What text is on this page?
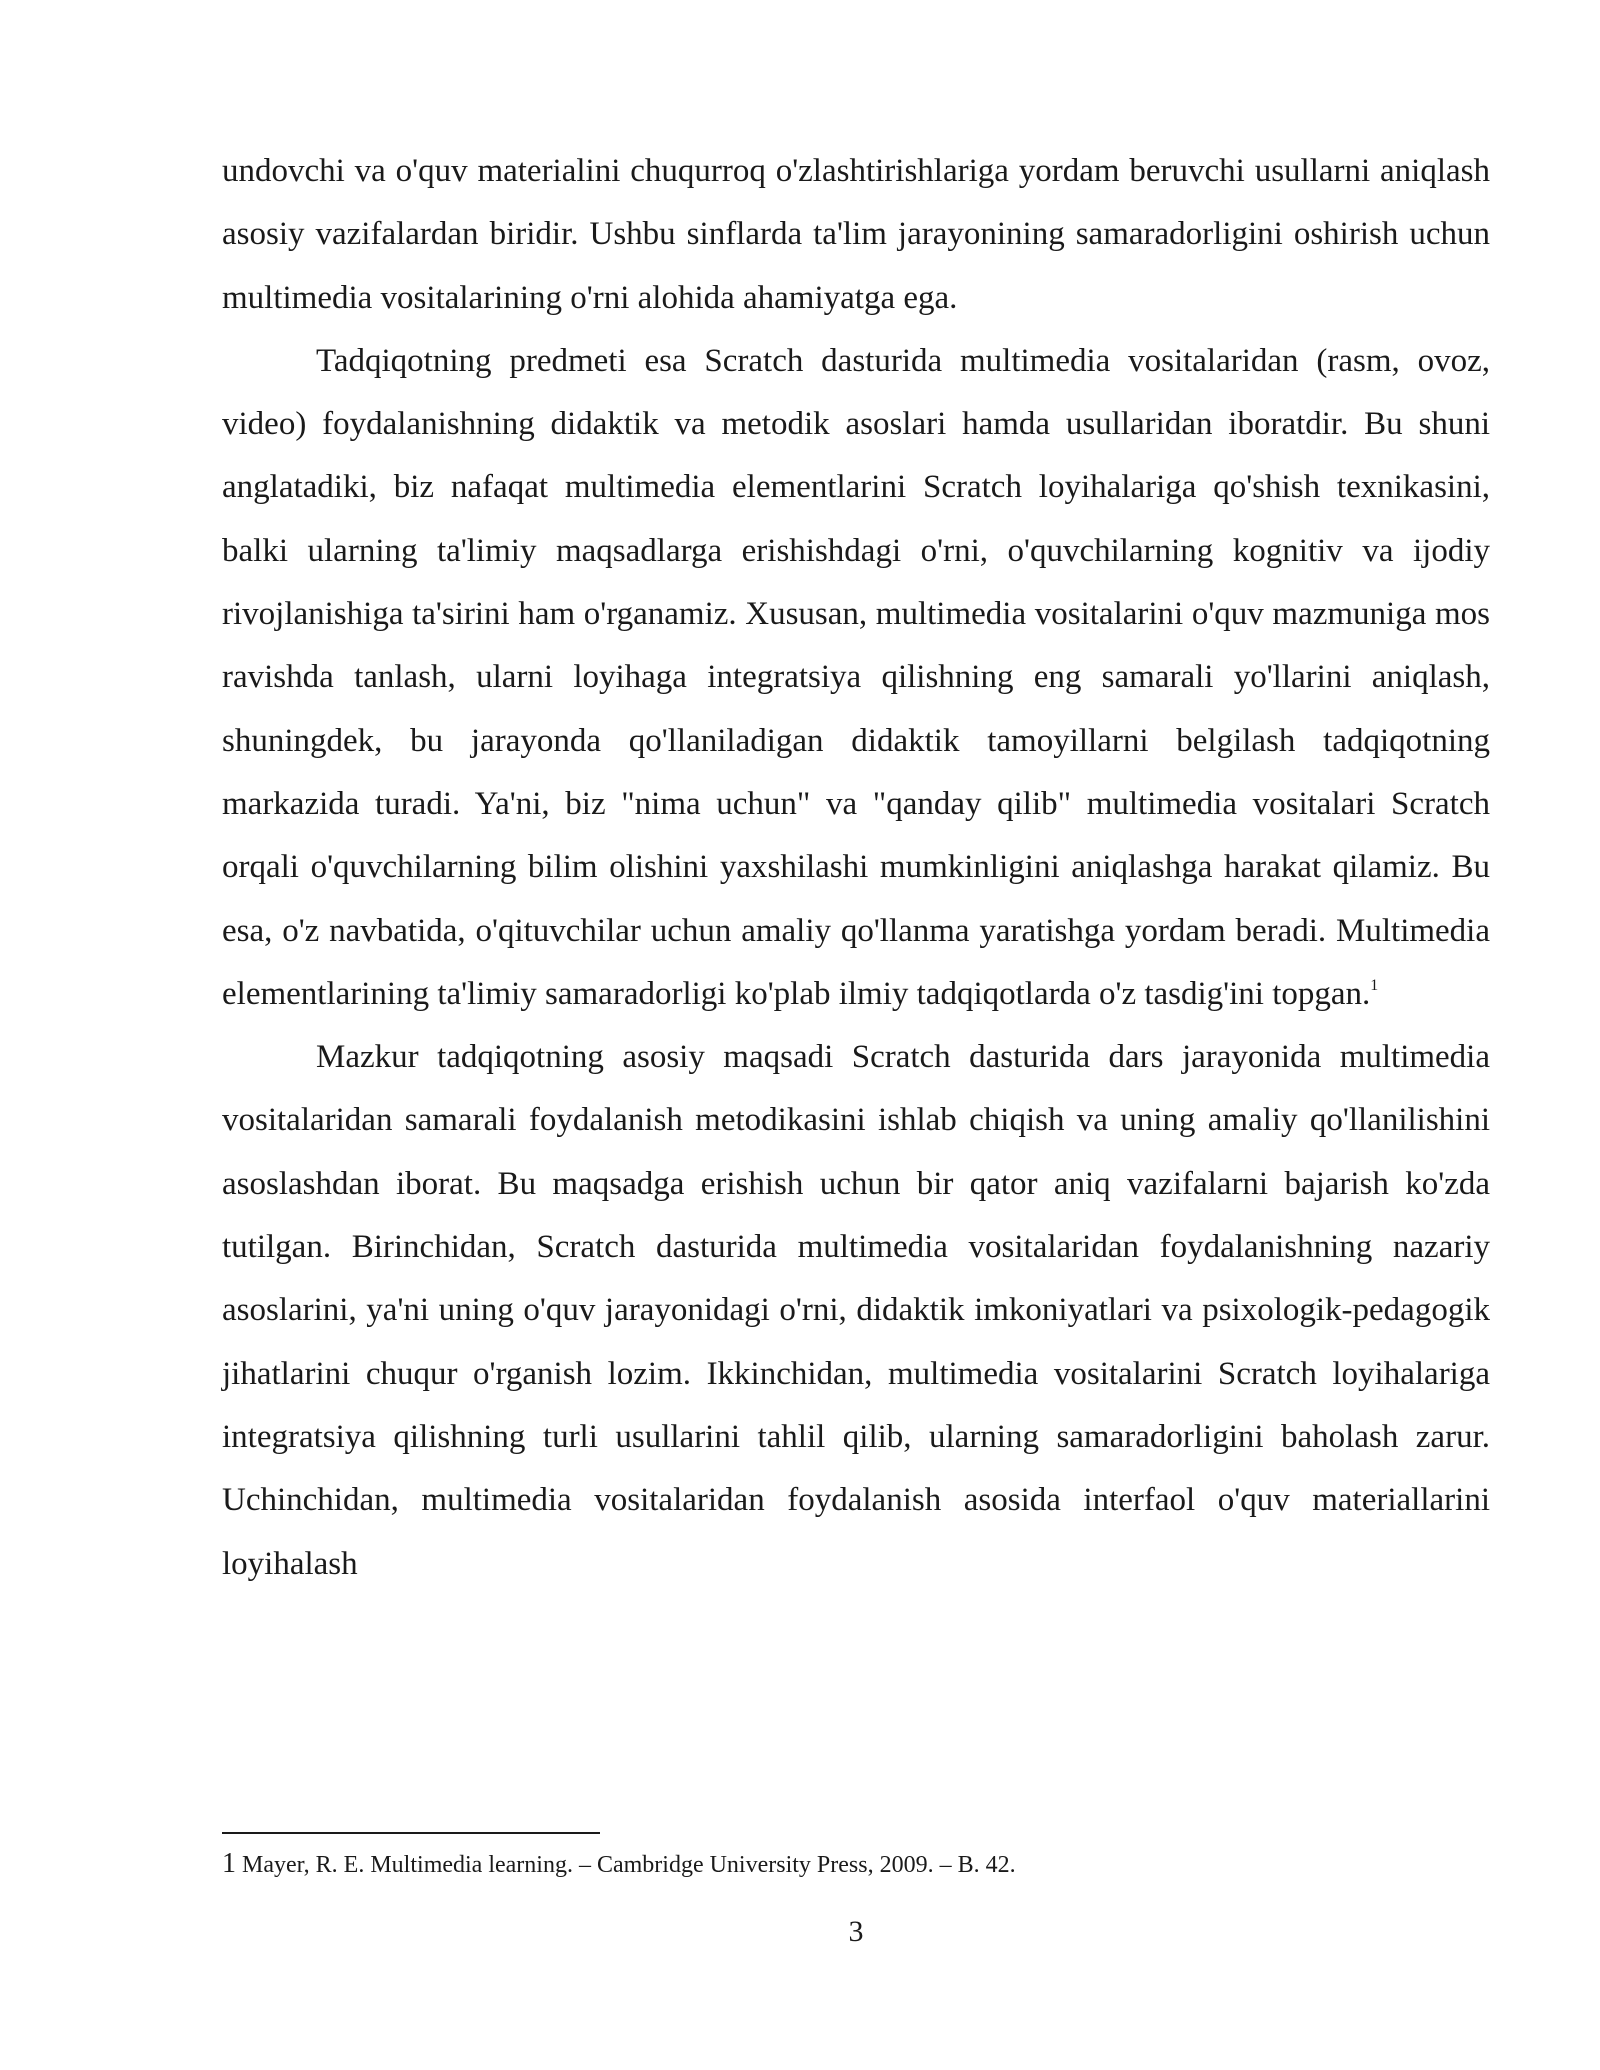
undovchi va o'quv materialini chuqurroq o'zlashtirishlariga yordam beruvchi usullarni aniqlash asosiy vazifalardan biridir. Ushbu sinflarda ta'lim jarayonining samaradorligini oshirish uchun multimedia vositalarining o'rni alohida ahamiyatga ega.

Tadqiqotning predmeti esa Scratch dasturida multimedia vositalaridan (rasm, ovoz, video) foydalanishning didaktik va metodik asoslari hamda usullaridan iboratdir. Bu shuni anglatadiki, biz nafaqat multimedia elementlarini Scratch loyihalariga qo'shish texnikasini, balki ularning ta'limiy maqsadlarga erishishdagi o'rni, o'quvchilarning kognitiv va ijodiy rivojlanishiga ta'sirini ham o'rganamiz. Xususan, multimedia vositalarini o'quv mazmuniga mos ravishda tanlash, ularni loyihaga integratsiya qilishning eng samarali yo'llarini aniqlash, shuningdek, bu jarayonda qo'llaniladigan didaktik tamoyillarni belgilash tadqiqotning markazida turadi. Ya'ni, biz "nima uchun" va "qanday qilib" multimedia vositalari Scratch orqali o'quvchilarning bilim olishini yaxshilashi mumkinligini aniqlashga harakat qilamiz. Bu esa, o'z navbatida, o'qituvchilar uchun amaliy qo'llanma yaratishga yordam beradi. Multimedia elementlarining ta'limiy samaradorligi ko'plab ilmiy tadqiqotlarda o'z tasdig'ini topgan.$^1$

Mazkur tadqiqotning asosiy maqsadi Scratch dasturida dars jarayonida multimedia vositalaridan samarali foydalanish metodikasini ishlab chiqish va uning amaliy qo'llanilishini asoslashdan iborat. Bu maqsadga erishish uchun bir qator aniq vazifalarni bajarish ko'zda tutilgan. Birinchidan, Scratch dasturida multimedia vositalaridan foydalanishning nazariy asoslarini, ya'ni uning o'quv jarayonidagi o'rni, didaktik imkoniyatlari va psixologik-pedagogik jihatlarini chuqur o'rganish lozim. Ikkinchidan, multimedia vositalarini Scratch loyihalariga integratsiya qilishning turli usullarini tahlil qilib, ularning samaradorligini baholash zarur. Uchinchidan, multimedia vositalaridan foydalanish asosida interfaol o'quv materiallarini loyihalash

1 Mayer, R. E. Multimedia learning. – Cambridge University Press, 2009. – B. 42.
3
